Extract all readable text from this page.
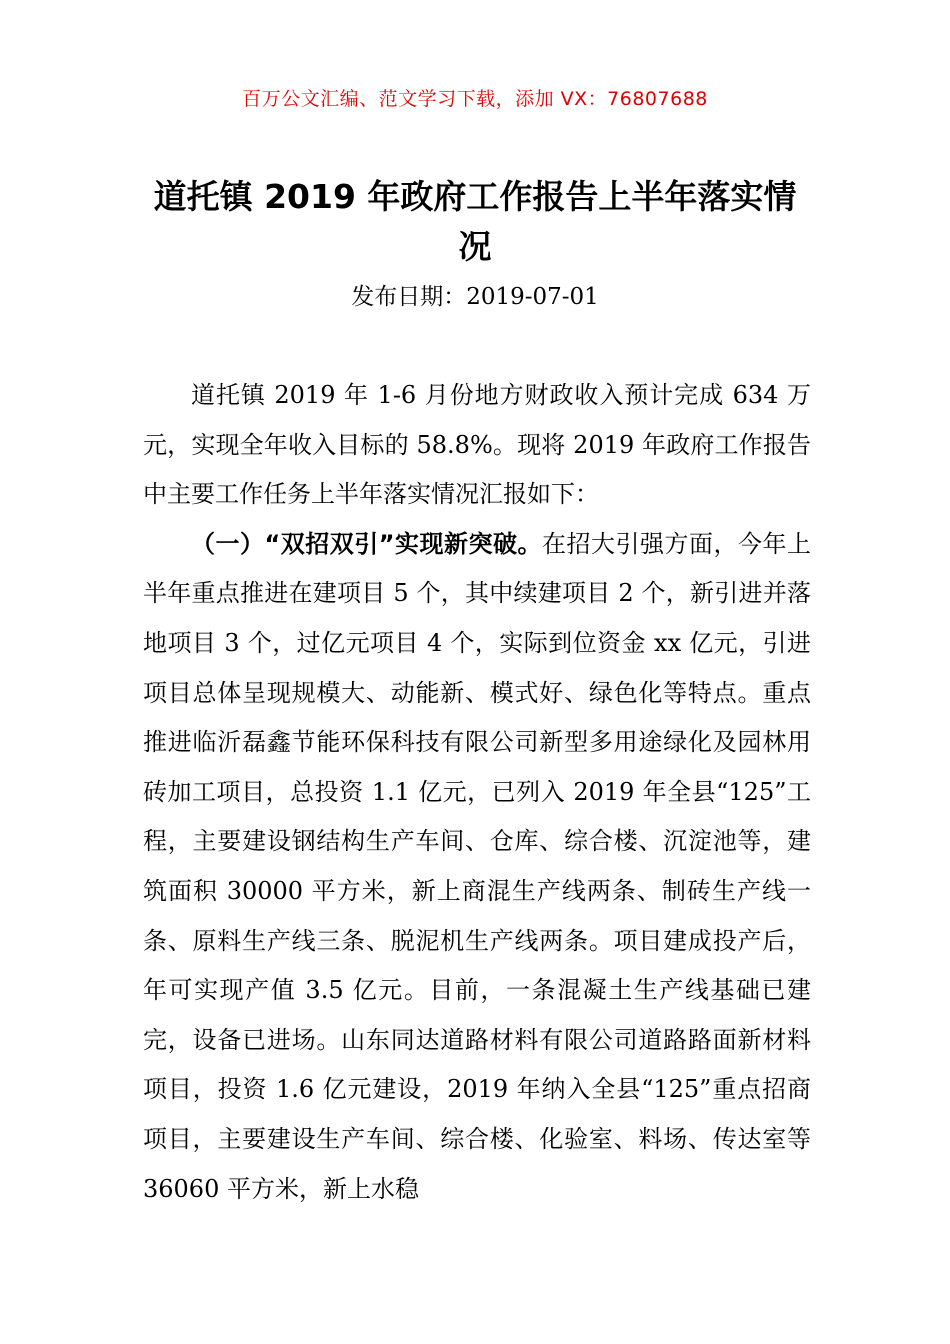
百万公文汇编、范文学习下载，添加 VX：76807688
道托镇 2019 年政府工作报告上半年落实情况
发布日期：2019-07-01

道托镇 2019 年 1-6 月份地方财政收入预计完成 634 万元，实现全年收入目标的 58.8%。现将 2019 年政府工作报告中主要工作任务上半年落实情况汇报如下：

（一）“双招双引”实现新突破。在招大引强方面，今年上半年重点推进在建项目 5 个，其中续建项目 2 个，新引进并落地项目 3 个，过亿元项目 4 个，实际到位资金 xx 亿元，引进项目总体呈现规模大、动能新、模式好、绿色化等特点。重点推进临沂磊鑫节能环保科技有限公司新型多用途绿化及园林用砖加工项目，总投资 1.1 亿元，已列入 2019 年全县“125”工程，主要建设钢结构生产车间、仓库、综合楼、沉淀池等，建筑面积 30000 平方米，新上商混生产线两条、制砖生产线一条、原料生产线三条、脱泥机生产线两条。项目建成投产后，年可实现产值 3.5 亿元。目前，一条混凝土生产线基础已建完，设备已进场。山东同达道路材料有限公司道路路面新材料项目，投资 1.6 亿元建设，2019 年纳入全县“125”重点招商项目，主要建设生产车间、综合楼、化验室、料场、传达室等 36060 平方米，新上水稳
